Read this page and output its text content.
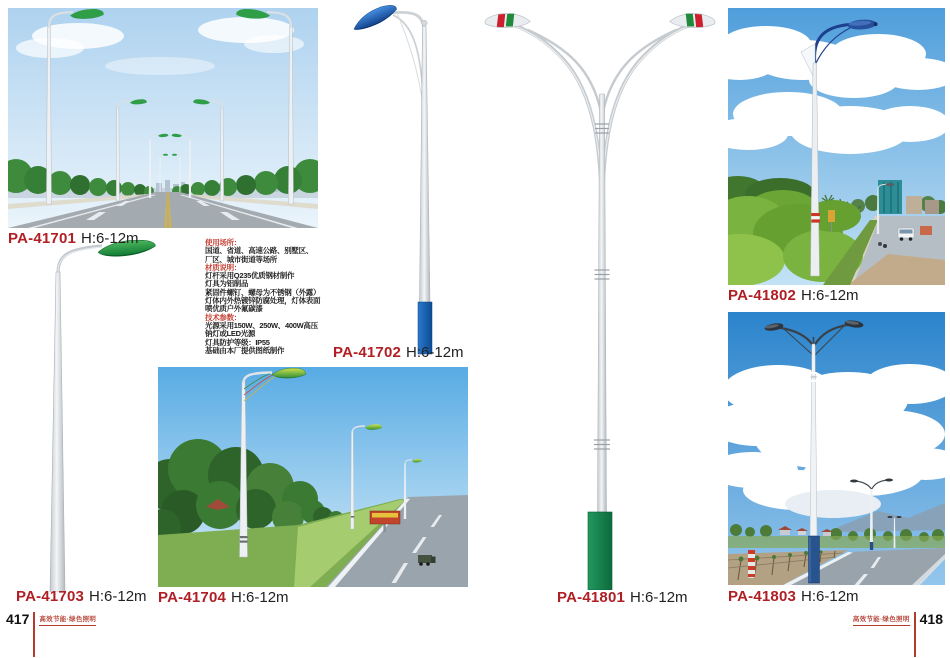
使用场所：
国道、省道、高速公路、别墅区、
厂区、城市街道等场所
材质说明：
灯杆采用Q235优质钢材制作
灯具为铝制品
紧固件螺钉、螺母为不锈钢（外露）
灯体内外热镀锌防腐处理，灯体表面
喷优质户外氟碳漆
技术参数：
光源采用150W、250W、400W高压
钠灯或LED光源
灯具防护等级：IP55
基础由本厂提供图纸制作
PA-41701 H:6-12m
PA-41702 H:6-12m
PA-41703 H:6-12m PA-41704 H:6-12m	PA-41801 H:6-12m
PA-41802 H:6-12m
PA-41803 H:6-12m
417 高效节能·绿色照明	高效节能·绿色照明 418
